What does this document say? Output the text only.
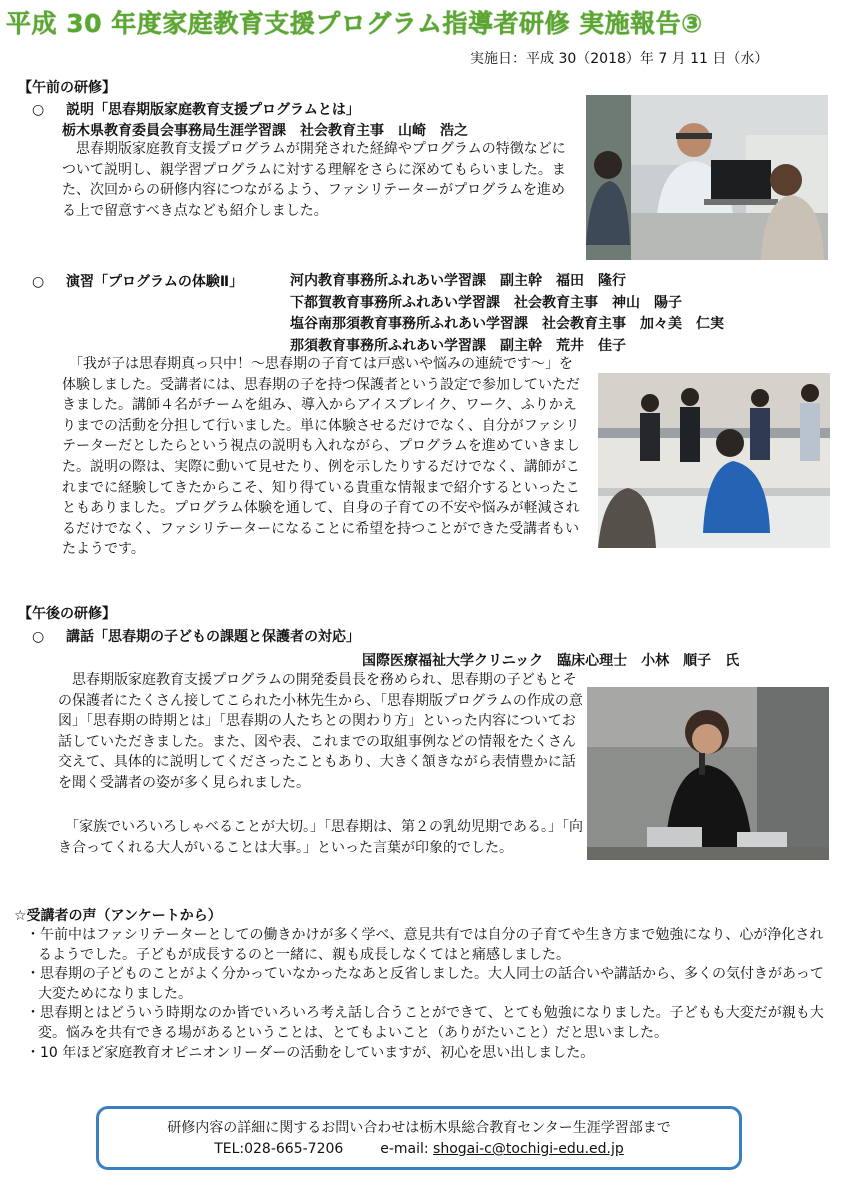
平成 30 年度家庭教育支援プログラム指導者研修 実施報告③
実施日：平成 30（2018）年 7 月 11 日（水）
【午前の研修】
○ 説明「思春期版家庭教育支援プログラムとは」
栃木県教育委員会事務局生涯学習課　社会教育主事　山崎　浩之
　思春期版家庭教育支援プログラムが開発された経緯やプログラムの特徴などについて説明し、親学習プログラムに対する理解をさらに深めてもらいました。また、次回からの研修内容につながるよう、ファシリテーターがプログラムを進める上で留意すべき点なども紹介しました。
○ 演習「プログラムの体験Ⅱ」	河内教育事務所ふれあい学習課　副主幹　福田　隆行
下都賀教育事務所ふれあい学習課　社会教育主事　神山　陽子
塩谷南那須教育事務所ふれあい学習課　社会教育主事　加々美　仁実
那須教育事務所ふれあい学習課　副主幹　荒井　佳子
　「我が子は思春期真っ只中！～思春期の子育ては戸惑いや悩みの連続です～」を体験しました。受講者には、思春期の子を持つ保護者という設定で参加していただきました。講師４名がチームを組み、導入からアイスブレイク、ワーク、ふりかえりまでの活動を分担して行いました。単に体験させるだけでなく、自分がファシリテーターだとしたらという視点の説明も入れながら、プログラムを進めていきました。説明の際は、実際に動いて見せたり、例を示したりするだけでなく、講師がこれまでに経験してきたからこそ、知り得ている貴重な情報まで紹介するといったこともありました。プログラム体験を通して、自身の子育ての不安や悩みが軽減されるだけでなく、ファシリテーターになることに希望を持つことができた受講者もいたようです。
【午後の研修】
○ 講話「思春期の子どもの課題と保護者の対応」
国際医療福祉大学クリニック　臨床心理士　小林　順子　氏
　思春期版家庭教育支援プログラムの開発委員長を務められ、思春期の子どもとその保護者にたくさん接してこられた小林先生から、「思春期版プログラムの作成の意図」「思春期の時期とは」「思春期の人たちとの関わり方」といった内容についてお話していただきました。また、図や表、これまでの取組事例などの情報をたくさん交えて、具体的に説明してくださったこともあり、大きく頷きながら表情豊かに話を聞く受講者の姿が多く見られました。
　「家族でいろいろしゃべることが大切。」「思春期は、第２の乳幼児期である。」「向き合ってくれる大人がいることは大事。」といった言葉が印象的でした。
☆受講者の声（アンケートから）
・午前中はファシリテーターとしての働きかけが多く学べ、意見共有では自分の子育てや生き方まで勉強になり、心が浄化されるようでした。子どもが成長するのと一緒に、親も成長しなくてはと痛感しました。
・思春期の子どものことがよく分かっていなかったなあと反省しました。大人同士の話合いや講話から、多くの気付きがあって大変ためになりました。
・思春期とはどういう時期なのか皆でいろいろ考え話し合うことができて、とても勉強になりました。子どもも大変だが親も大変。悩みを共有できる場があるということは、とてもよいこと（ありがたいこと）だと思いました。
・10 年ほど家庭教育オピニオンリーダーの活動をしていますが、初心を思い出しました。
研修内容の詳細に関するお問い合わせは栃木県総合教育センター生涯学習部まで
TEL:028-665-7206	e-mail: shogai-c@tochigi-edu.ed.jp
